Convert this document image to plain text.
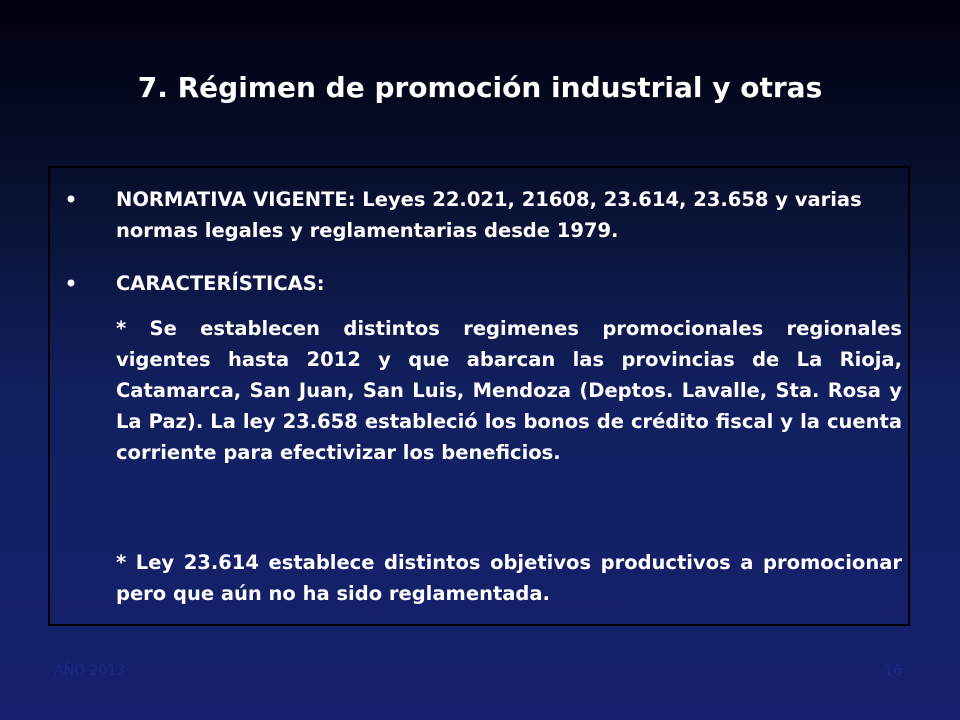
7. Régimen de promoción industrial y otras
• NORMATIVA VIGENTE: Leyes 22.021, 21608, 23.614, 23.658 y varias normas legales y reglamentarias desde 1979.
• CARACTERÍSTICAS:

* Se establecen distintos regimenes promocionales regionales vigentes hasta 2012 y que abarcan las provincias de La Rioja, Catamarca, San Juan, San Luis, Mendoza (Deptos. Lavalle, Sta. Rosa y La Paz). La ley 23.658 estableció los bonos de crédito fiscal y la cuenta corriente para efectivizar los beneficios.

* Ley 23.614 establece distintos objetivos productivos a promocionar pero que aún no ha sido reglamentada.

AÑO 2013	16
